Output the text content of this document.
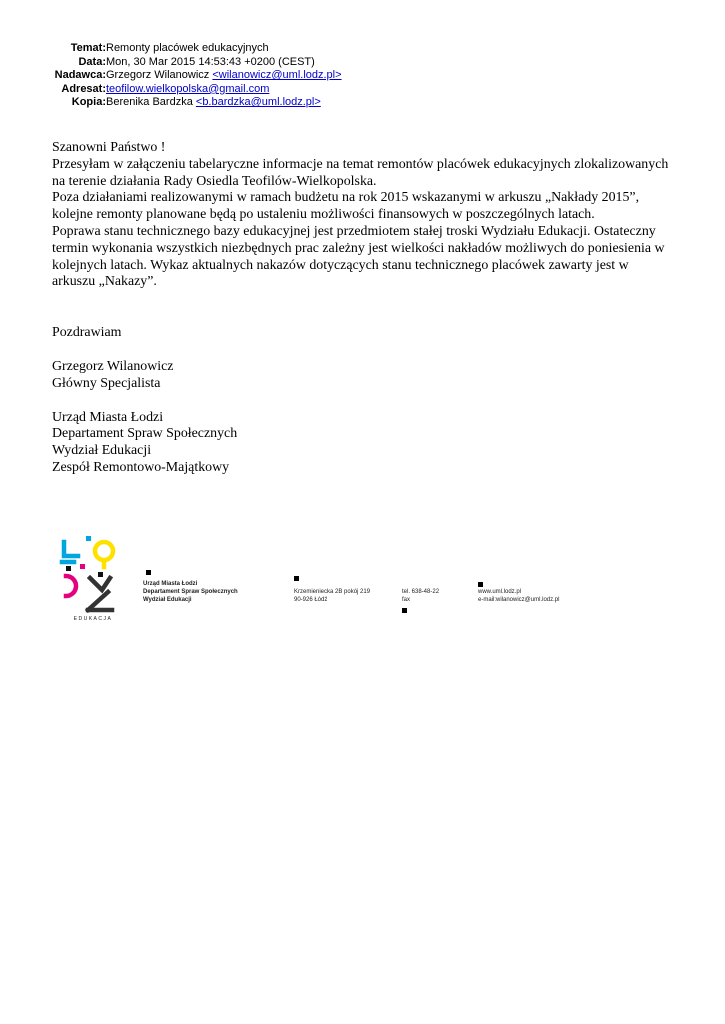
Temat: Remonty placówek edukacyjnych
Data: Mon, 30 Mar 2015 14:53:43 +0200 (CEST)
Nadawca: Grzegorz Wilanowicz <wilanowicz@uml.lodz.pl>
Adresat: teofilow.wielkopolska@gmail.com
Kopia: Berenika Bardzka <b.bardzka@uml.lodz.pl>

Szanowni Państwo !

Przesyłam w załączeniu tabelaryczne informacje na temat remontów placówek edukacyjnych zlokalizowanych na terenie działania Rady Osiedla Teofilów-Wielkopolska.

Poza działaniami realizowanymi w ramach budżetu na rok 2015 wskazanymi w arkuszu „Nakłady 2015”, kolejne remonty planowane będą po ustaleniu możliwości finansowych w poszczególnych latach.

Poprawa stanu technicznego bazy edukacyjnej jest przedmiotem stałej troski Wydziału Edukacji. Ostateczny termin wykonania wszystkich niezbędnych prac zależny jest wielkości nakładów możliwych do poniesienia w kolejnych latach. Wykaz aktualnych nakazów dotyczących stanu technicznego placówek zawarty jest w arkuszu „Nakazy”.

Pozdrawiam

Grzegorz Wilanowicz

Główny Specjalista

Urząd Miasta Łodzi

Departament Spraw Społecznych

Wydział Edukacji

Zespół Remontowo-Majątkowy

EDUKACJA
Urząd Miasta Łodzi
Departament Spraw Społecznych
Wydział Edukacji
Krzemieniecka 2B pokój 219
90-926 Łódź
tel. 638-48-22
fax
www.uml.lodz.pl
e-mail:wilanowicz@uml.lodz.pl
